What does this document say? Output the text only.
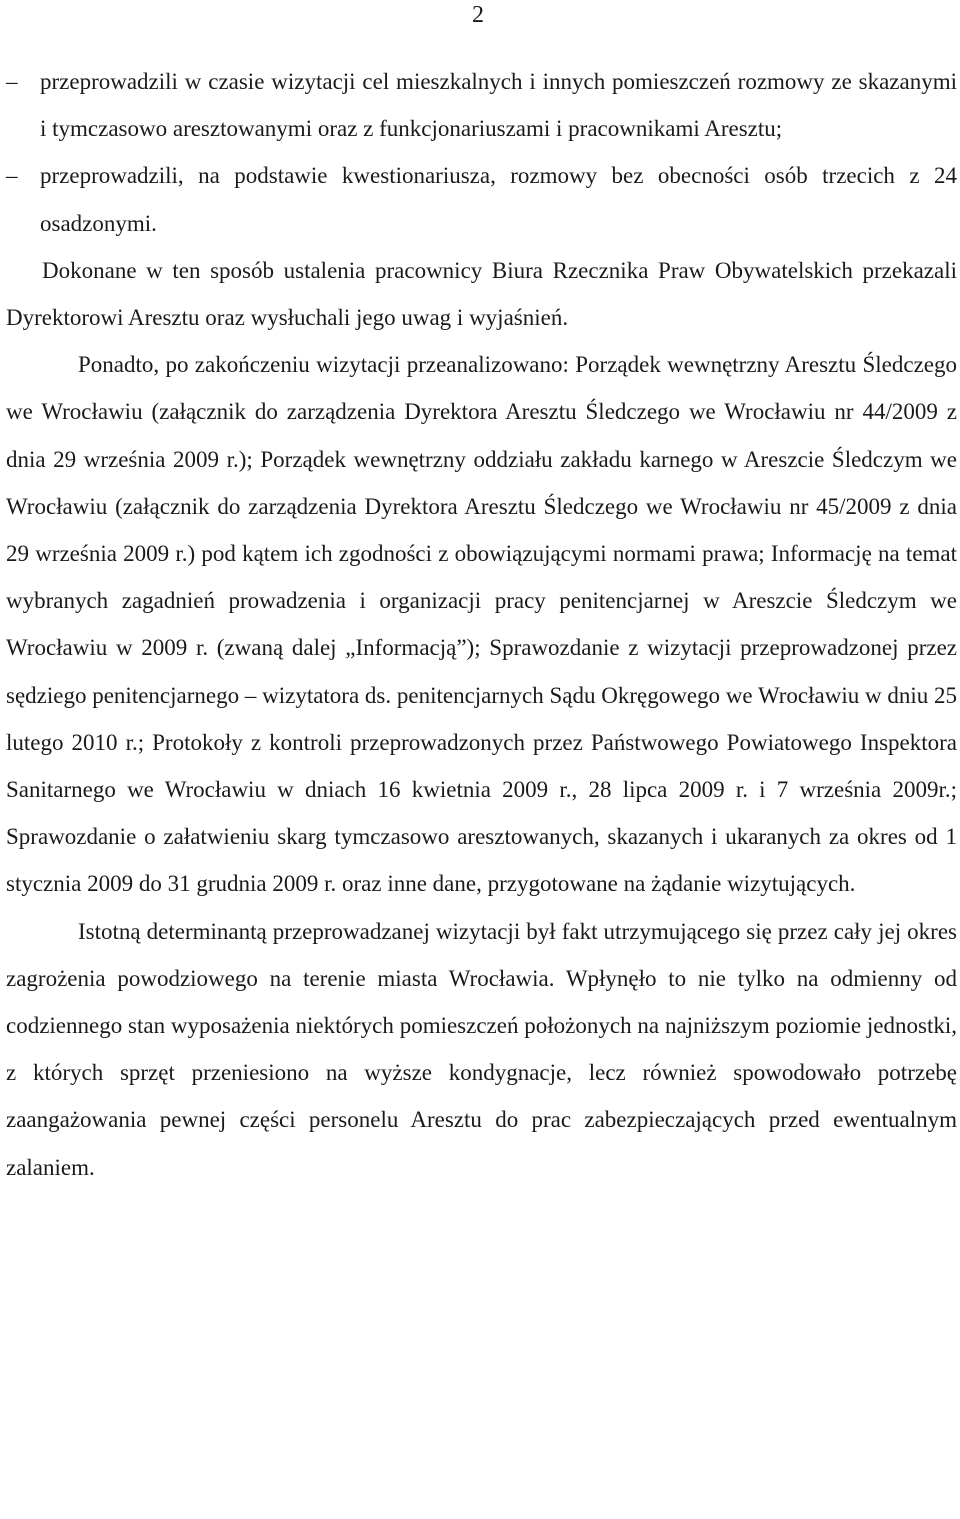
2
– przeprowadzili w czasie wizytacji cel mieszkalnych i innych pomieszczeń rozmowy ze skazanymi i tymczasowo aresztowanymi oraz z funkcjonariuszami i pracownikami Aresztu;
– przeprowadzili, na podstawie kwestionariusza, rozmowy bez obecności osób trzecich z 24 osadzonymi.

Dokonane w ten sposób ustalenia pracownicy Biura Rzecznika Praw Obywatelskich przekazali Dyrektorowi Aresztu oraz wysłuchali jego uwag i wyjaśnień.

Ponadto, po zakończeniu wizytacji przeanalizowano: Porządek wewnętrzny Aresztu Śledczego we Wrocławiu (załącznik do zarządzenia Dyrektora Aresztu Śledczego we Wrocławiu nr 44/2009 z dnia 29 września 2009 r.); Porządek wewnętrzny oddziału zakładu karnego w Areszcie Śledczym we Wrocławiu (załącznik do zarządzenia Dyrektora Aresztu Śledczego we Wrocławiu nr 45/2009 z dnia 29 września 2009 r.) pod kątem ich zgodności z obowiązującymi normami prawa; Informację na temat wybranych zagadnień prowadzenia i organizacji pracy penitencjarnej w Areszcie Śledczym we Wrocławiu w 2009 r. (zwaną dalej „Informacją”); Sprawozdanie z wizytacji przeprowadzonej przez sędziego penitencjarnego – wizytatora ds. penitencjarnych Sądu Okręgowego we Wrocławiu w dniu 25 lutego 2010 r.; Protokoły z kontroli przeprowadzonych przez Państwowego Powiatowego Inspektora Sanitarnego we Wrocławiu w dniach 16 kwietnia 2009 r., 28 lipca 2009 r. i 7 września 2009r.; Sprawozdanie o załatwieniu skarg tymczasowo aresztowanych, skazanych i ukaranych za okres od 1 stycznia 2009 do 31 grudnia 2009 r. oraz inne dane, przygotowane na żądanie wizytujących.

Istotną determinantą przeprowadzanej wizytacji był fakt utrzymującego się przez cały jej okres zagrożenia powodziowego na terenie miasta Wrocławia. Wpłynęło to nie tylko na odmienny od codziennego stan wyposażenia niektórych pomieszczeń położonych na najniższym poziomie jednostki, z których sprzęt przeniesiono na wyższe kondygnacje, lecz również spowodowało potrzebę zaangażowania pewnej części personelu Aresztu do prac zabezpieczających przed ewentualnym zalaniem.
